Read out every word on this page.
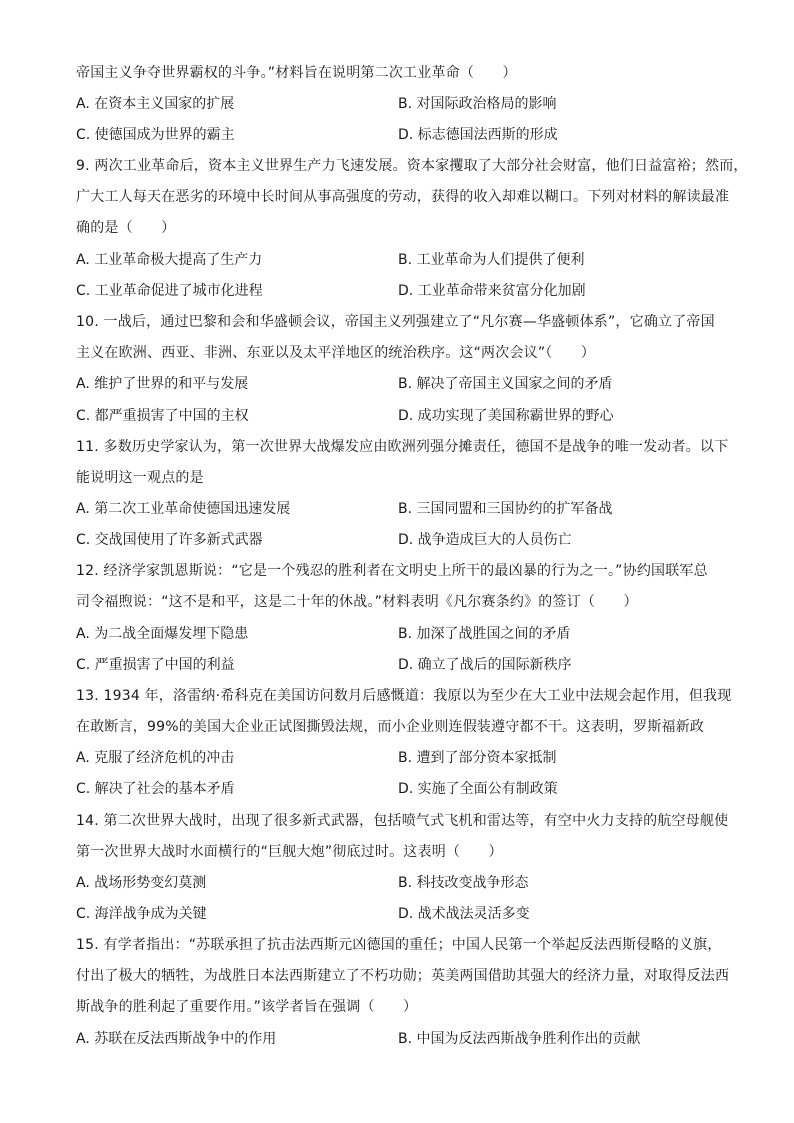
帝国主义争夺世界霸权的斗争。”材料旨在说明第二次工业革命（　　）
A. 在资本主义国家的扩展	B. 对国际政治格局的影响
C. 使德国成为世界的霸主	D. 标志德国法西斯的形成
9. 两次工业革命后，资本主义世界生产力飞速发展。资本家攫取了大部分社会财富，他们日益富裕；然而，
广大工人每天在恶劣的环境中长时间从事高强度的劳动，获得的收入却难以糊口。下列对材料的解读最准
确的是（　　）
A. 工业革命极大提高了生产力	B. 工业革命为人们提供了便利
C. 工业革命促进了城市化进程	D. 工业革命带来贫富分化加剧
10. 一战后，通过巴黎和会和华盛顿会议，帝国主义列强建立了“凡尔赛—华盛顿体系”，它确立了帝国
主义在欧洲、西亚、非洲、东亚以及太平洋地区的统治秩序。这“两次会议”（　　）
A. 维护了世界的和平与发展	B. 解决了帝国主义国家之间的矛盾
C. 都严重损害了中国的主权	D. 成功实现了美国称霸世界的野心
11. 多数历史学家认为，第一次世界大战爆发应由欧洲列强分摊责任，德国不是战争的唯一发动者。以下
能说明这一观点的是
A. 第二次工业革命使德国迅速发展	B. 三国同盟和三国协约的扩军备战
C. 交战国使用了许多新式武器	D. 战争造成巨大的人员伤亡
12. 经济学家凯恩斯说：“它是一个残忍的胜利者在文明史上所干的最凶暴的行为之一。”协约国联军总
司令福煦说：“这不是和平，这是二十年的休战。”材料表明《凡尔赛条约》的签订（　　）
A. 为二战全面爆发埋下隐患	B. 加深了战胜国之间的矛盾
C. 严重损害了中国的利益	D. 确立了战后的国际新秩序
13. 1934 年，洛雷纳·希科克在美国访问数月后感慨道：我原以为至少在大工业中法规会起作用，但我现
在敢断言，99%的美国大企业正试图撕毁法规，而小企业则连假装遵守都不干。这表明，罗斯福新政
A. 克服了经济危机的冲击	B. 遭到了部分资本家抵制
C. 解决了社会的基本矛盾	D. 实施了全面公有制政策
14. 第二次世界大战时，出现了很多新式武器，包括喷气式飞机和雷达等，有空中火力支持的航空母舰使
第一次世界大战时水面横行的“巨舰大炮”彻底过时。这表明（　　）
A. 战场形势变幻莫测	B. 科技改变战争形态
C. 海洋战争成为关键	D. 战术战法灵活多变
15. 有学者指出：“苏联承担了抗击法西斯元凶德国的重任；中国人民第一个举起反法西斯侵略的义旗，
付出了极大的牺牲，为战胜日本法西斯建立了不朽功勋；英美两国借助其强大的经济力量，对取得反法西
斯战争的胜利起了重要作用。”该学者旨在强调（　　）
A. 苏联在反法西斯战争中的作用	B. 中国为反法西斯战争胜利作出的贡献
